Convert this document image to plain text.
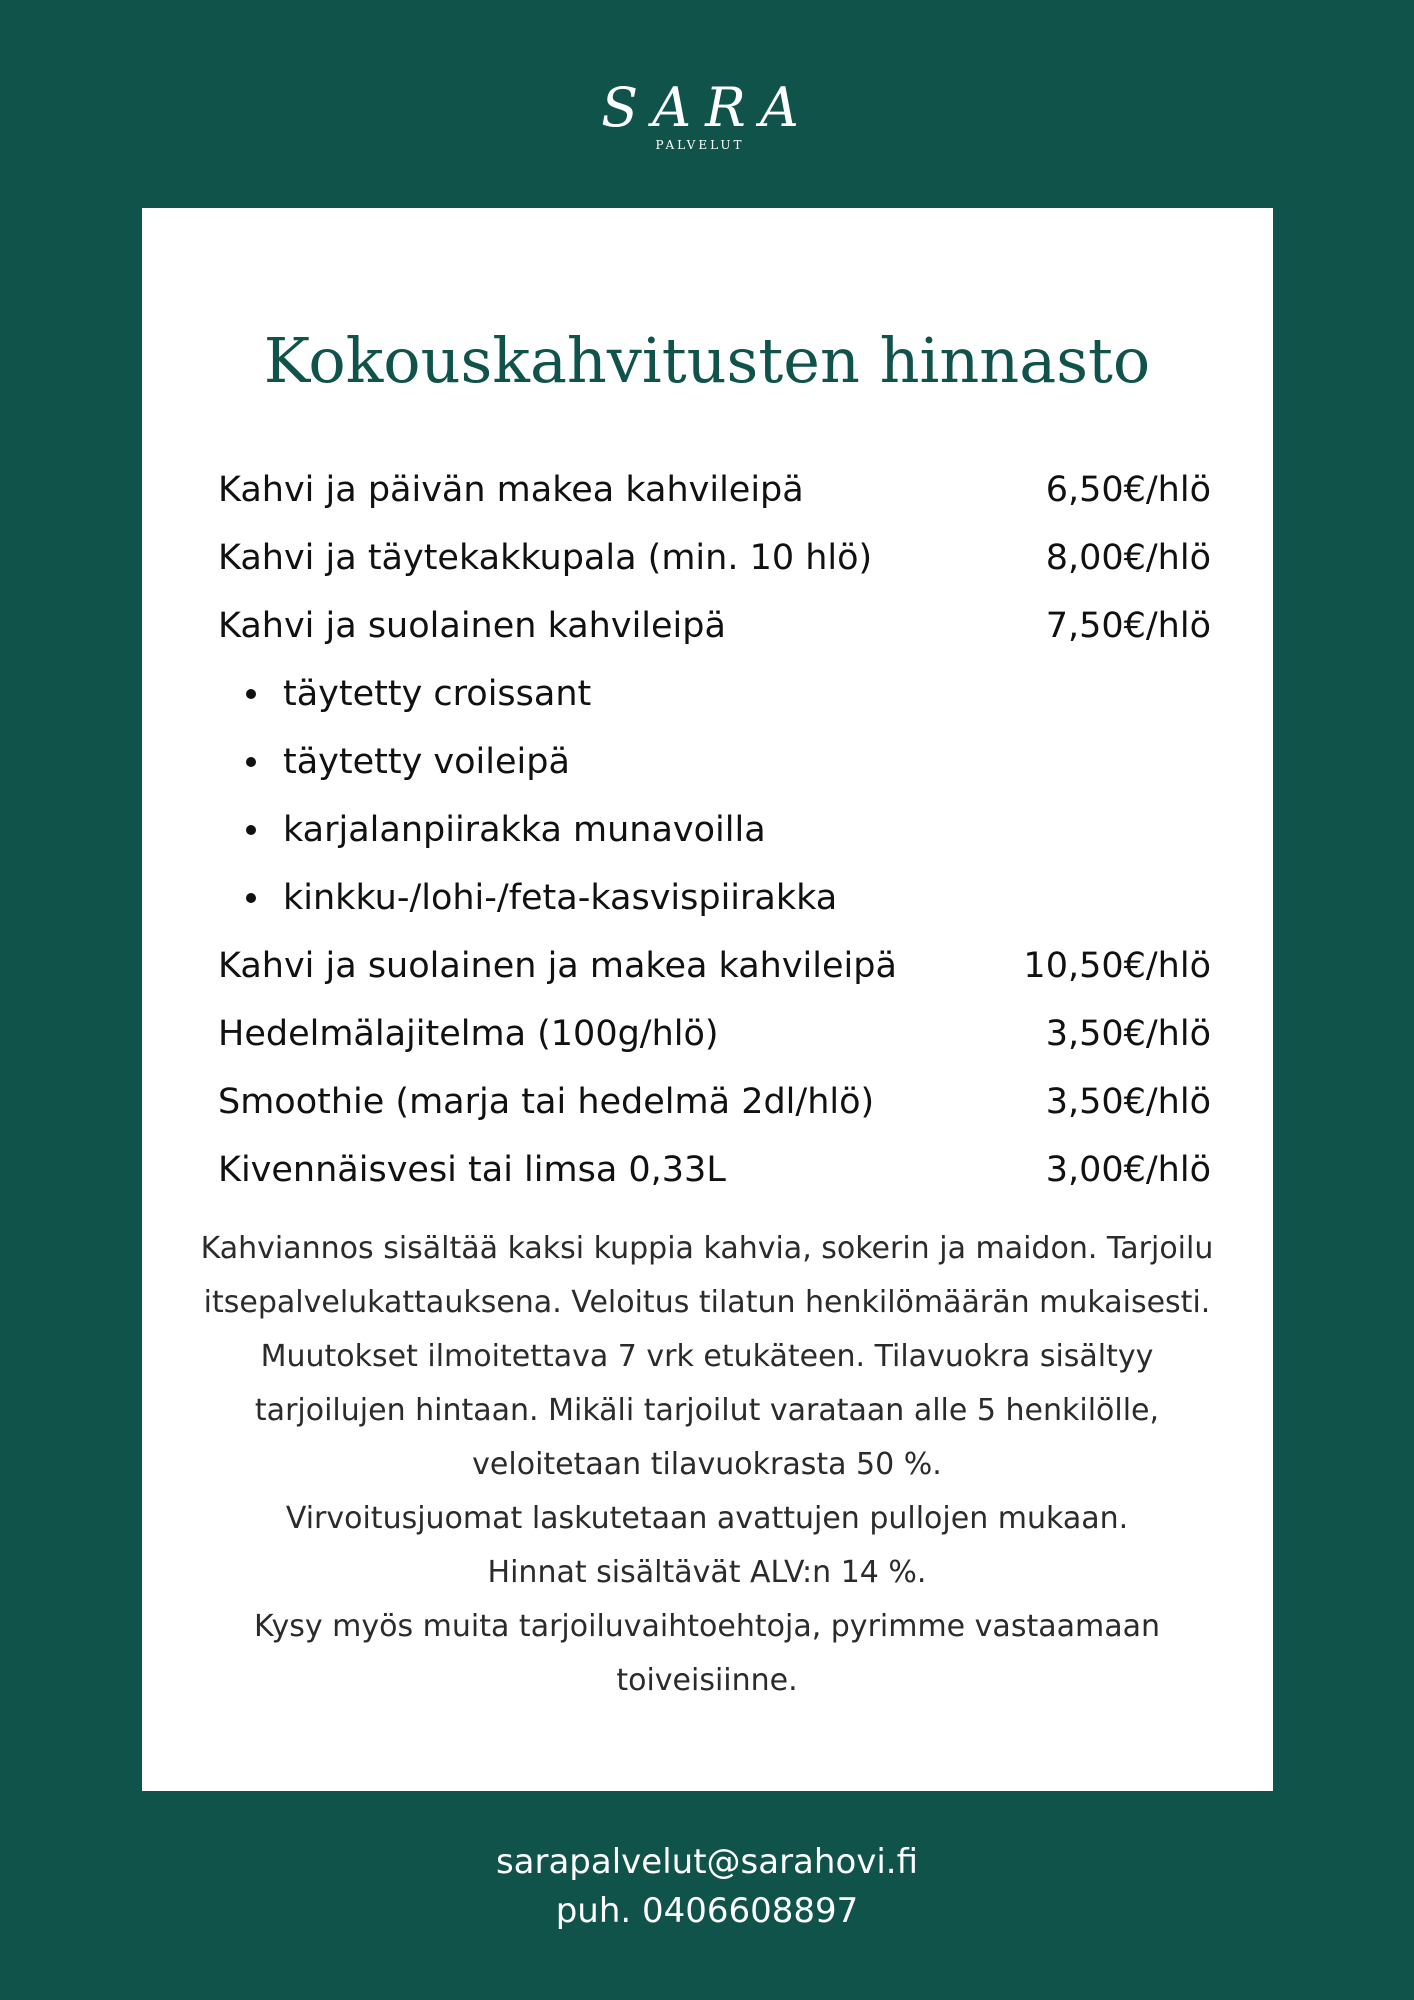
SARA
PALVELUT
Kokouskahvitusten hinnasto
Kahvi ja päivän makea kahvileipä	6,50€/hlö
Kahvi ja täytekakkupala (min. 10 hlö)	8,00€/hlö
Kahvi ja suolainen kahvileipä	7,50€/hlö
täytetty croissant
täytetty voileipä
karjalanpiirakka munavoilla
kinkku-/lohi-/feta-kasvispiirakka
Kahvi ja suolainen ja makea kahvileipä	10,50€/hlö
Hedelmälajitelma (100g/hlö)	3,50€/hlö
Smoothie (marja tai hedelmä 2dl/hlö)	3,50€/hlö
Kivennäisvesi tai limsa 0,33L	3,00€/hlö

Kahviannos sisältää kaksi kuppia kahvia, sokerin ja maidon. Tarjoilu itsepalvelukattauksena. Veloitus tilatun henkilömäärän mukaisesti.

Muutokset ilmoitettava 7 vrk etukäteen. Tilavuokra sisältyy tarjoilujen hintaan. Mikäli tarjoilut varataan alle 5 henkilölle, veloitetaan tilavuokrasta 50 %.

Virvoitusjuomat laskutetaan avattujen pullojen mukaan.

Hinnat sisältävät ALV:n 14 %.

Kysy myös muita tarjoiluvaihtoehtoja, pyrimme vastaamaan toiveisiinne.

sarapalvelut@sarahovi.fi
puh. 0406608897
